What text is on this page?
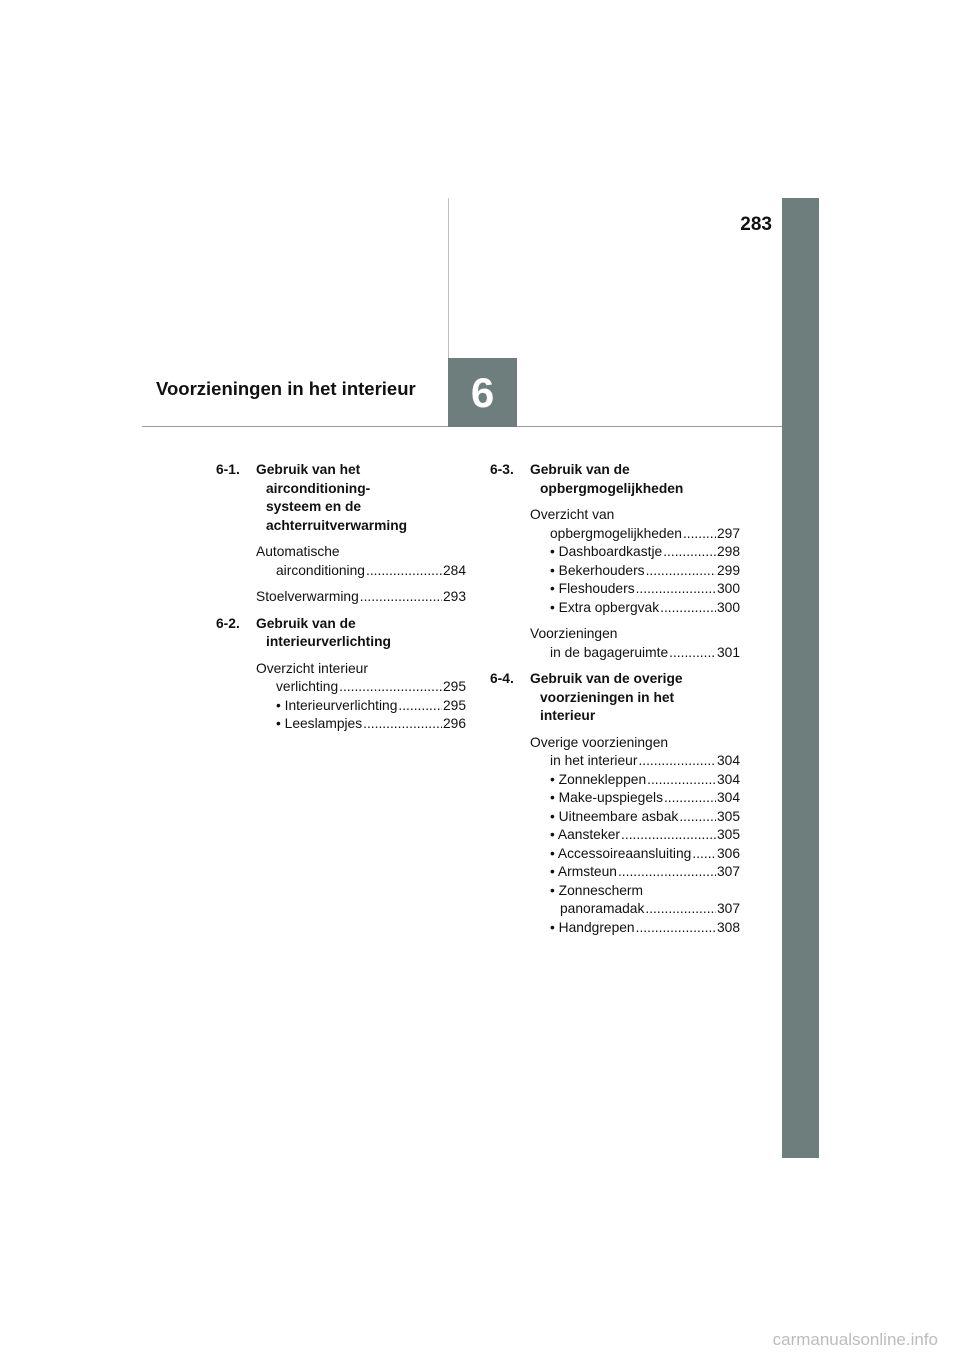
283
Voorzieningen in het interieur 6
6-1. Gebruik van het
airconditioning-
systeem en de
achterruitverwarming
Automatische
airconditioning .....	284
Stoelverwarming .....	293
6-2. Gebruik van de
interieurverlichting
Overzicht interieur
verlichting .....	295
• Interieurverlichting .....	295
• Leeslampjes .....	296
6-3. Gebruik van de
opbergmogelijkheden
Overzicht van
opbergmogelijkheden .....	297
• Dashboardkastje .....	298
• Bekerhouders .....	299
• Fleshouders .....	300
• Extra opbergvak .....	300
Voorzieningen
in de bagageruimte .....	301
6-4. Gebruik van de overige
voorzieningen in het
interieur
Overige voorzieningen
in het interieur .....	304
• Zonnekleppen .....	304
• Make-upspiegels .....	304
• Uitneembare asbak .....	305
• Aansteker .....	305
• Accessoireaansluiting ..... 306
• Armsteun .....	307
• Zonnescherm
panoramadak .....	307
• Handgrepen .....	308
carmanualsonline.info
